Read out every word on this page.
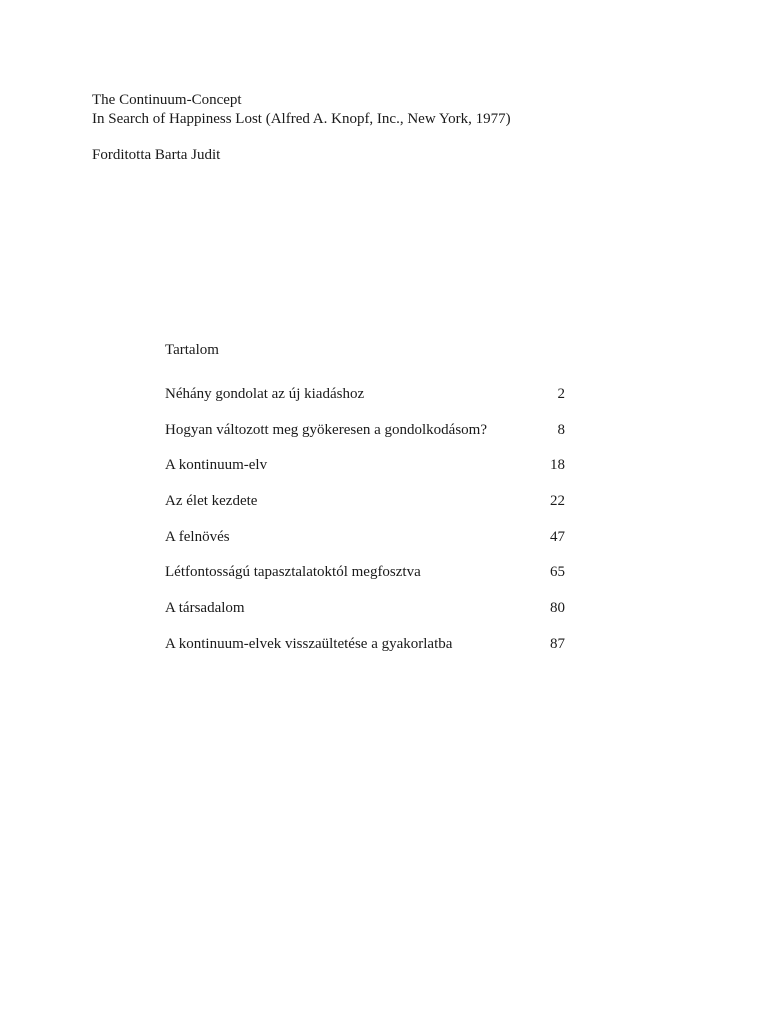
The Continuum-Concept
In Search of Happiness Lost (Alfred A. Knopf, Inc., New York, 1977)
Forditotta Barta Judit
Tartalom
Néhány gondolat az új kiadáshoz	2
Hogyan változott meg gyökeresen a gondolkodásom?	8
A kontinuum-elv	18
Az élet kezdete	22
A felnövés	47
Létfontosságú tapasztalatoktól megfosztva	65
A társadalom	80
A kontinuum-elvek visszaültetése a gyakorlatba	87
